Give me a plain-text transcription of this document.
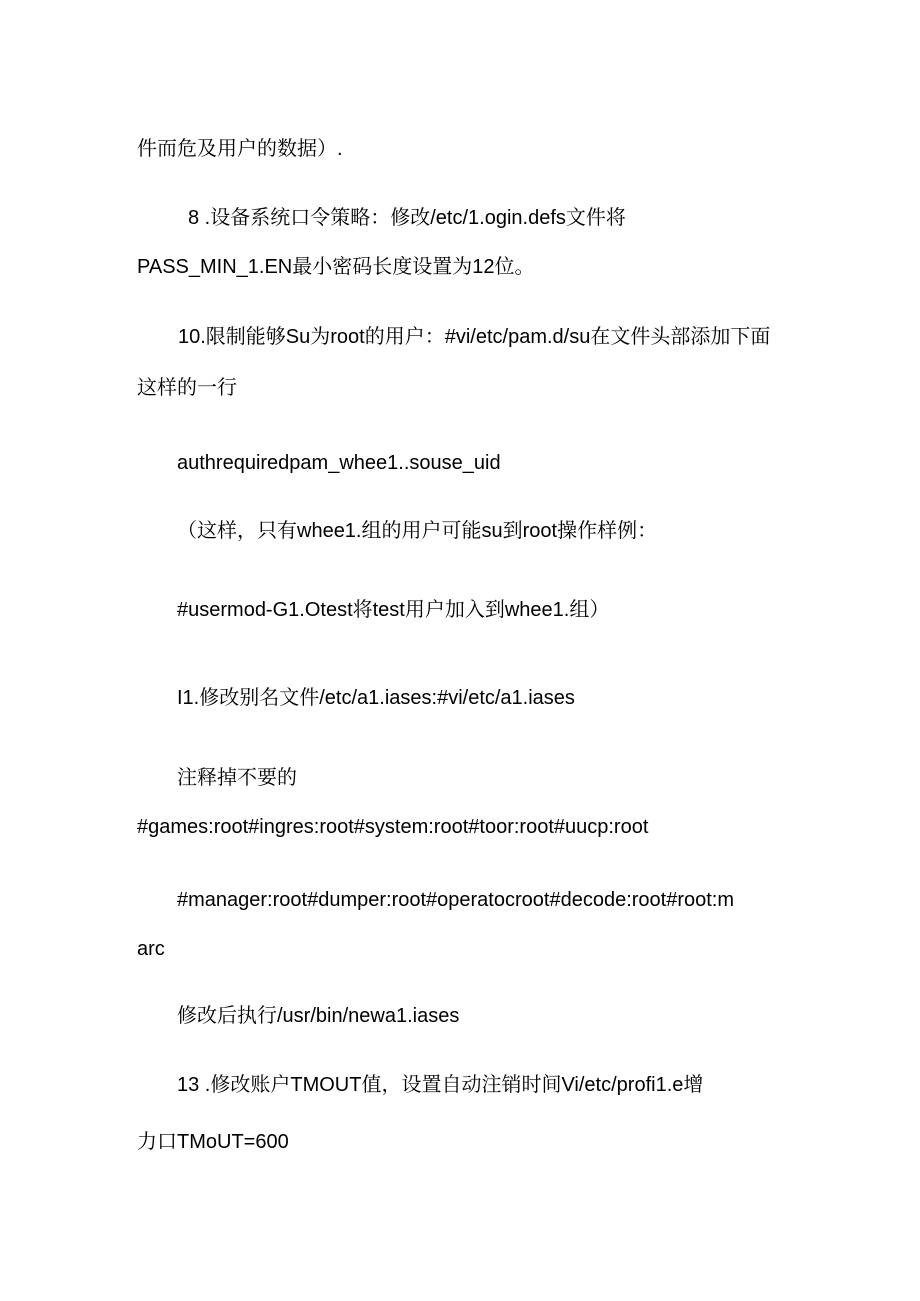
件而危及用户的数据）.
8 .设备系统口令策略：修改/etc/1.ogin.defs文件将
PASS_MIN_1.EN最小密码长度设置为12位。
10.限制能够Su为root的用户：#vi/etc/pam.d/su在文件头部添加下面
这样的一行
authrequiredpam_whee1..souse_uid
（这样，只有whee1.组的用户可能su到root操作样例：
#usermod-G1.Otest将test用户加入到whee1.组）
I1.修改别名文件/etc/a1.iases:#vi/etc/a1.iases
注释掉不要的
#games:root#ingres:root#system:root#toor:root#uucp:root
#manager:root#dumper:root#operatocroot#decode:root#root:m
arc
修改后执行/usr/bin/newa1.iases
13 .修改账户TMOUT值，设置自动注销时间Vi/etc/profi1.e增
力口TMoUT=600
